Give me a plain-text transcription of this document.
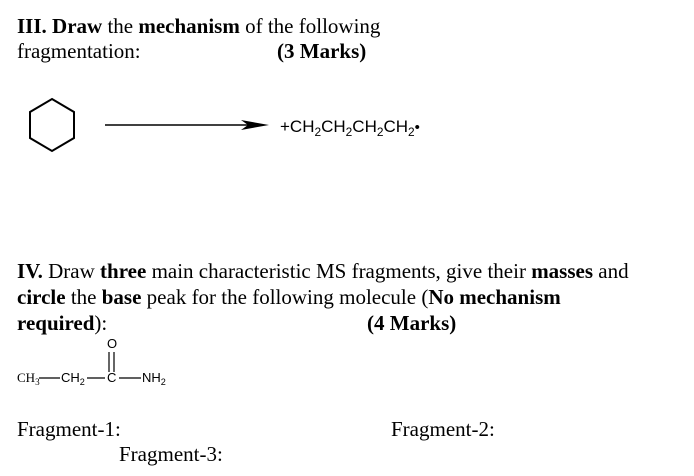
III. Draw the mechanism of the following
fragmentation:	(3 Marks)
$+CH_2CH_2CH_2CH_2•$
IV. Draw three main characteristic MS fragments, give their masses and
circle the base peak for the following molecule (No mechanism
required):	(4 Marks)
O
$CH_3$ $CH_2$ C $NH_2$
Fragment-1:	Fragment-2:
Fragment-3:
